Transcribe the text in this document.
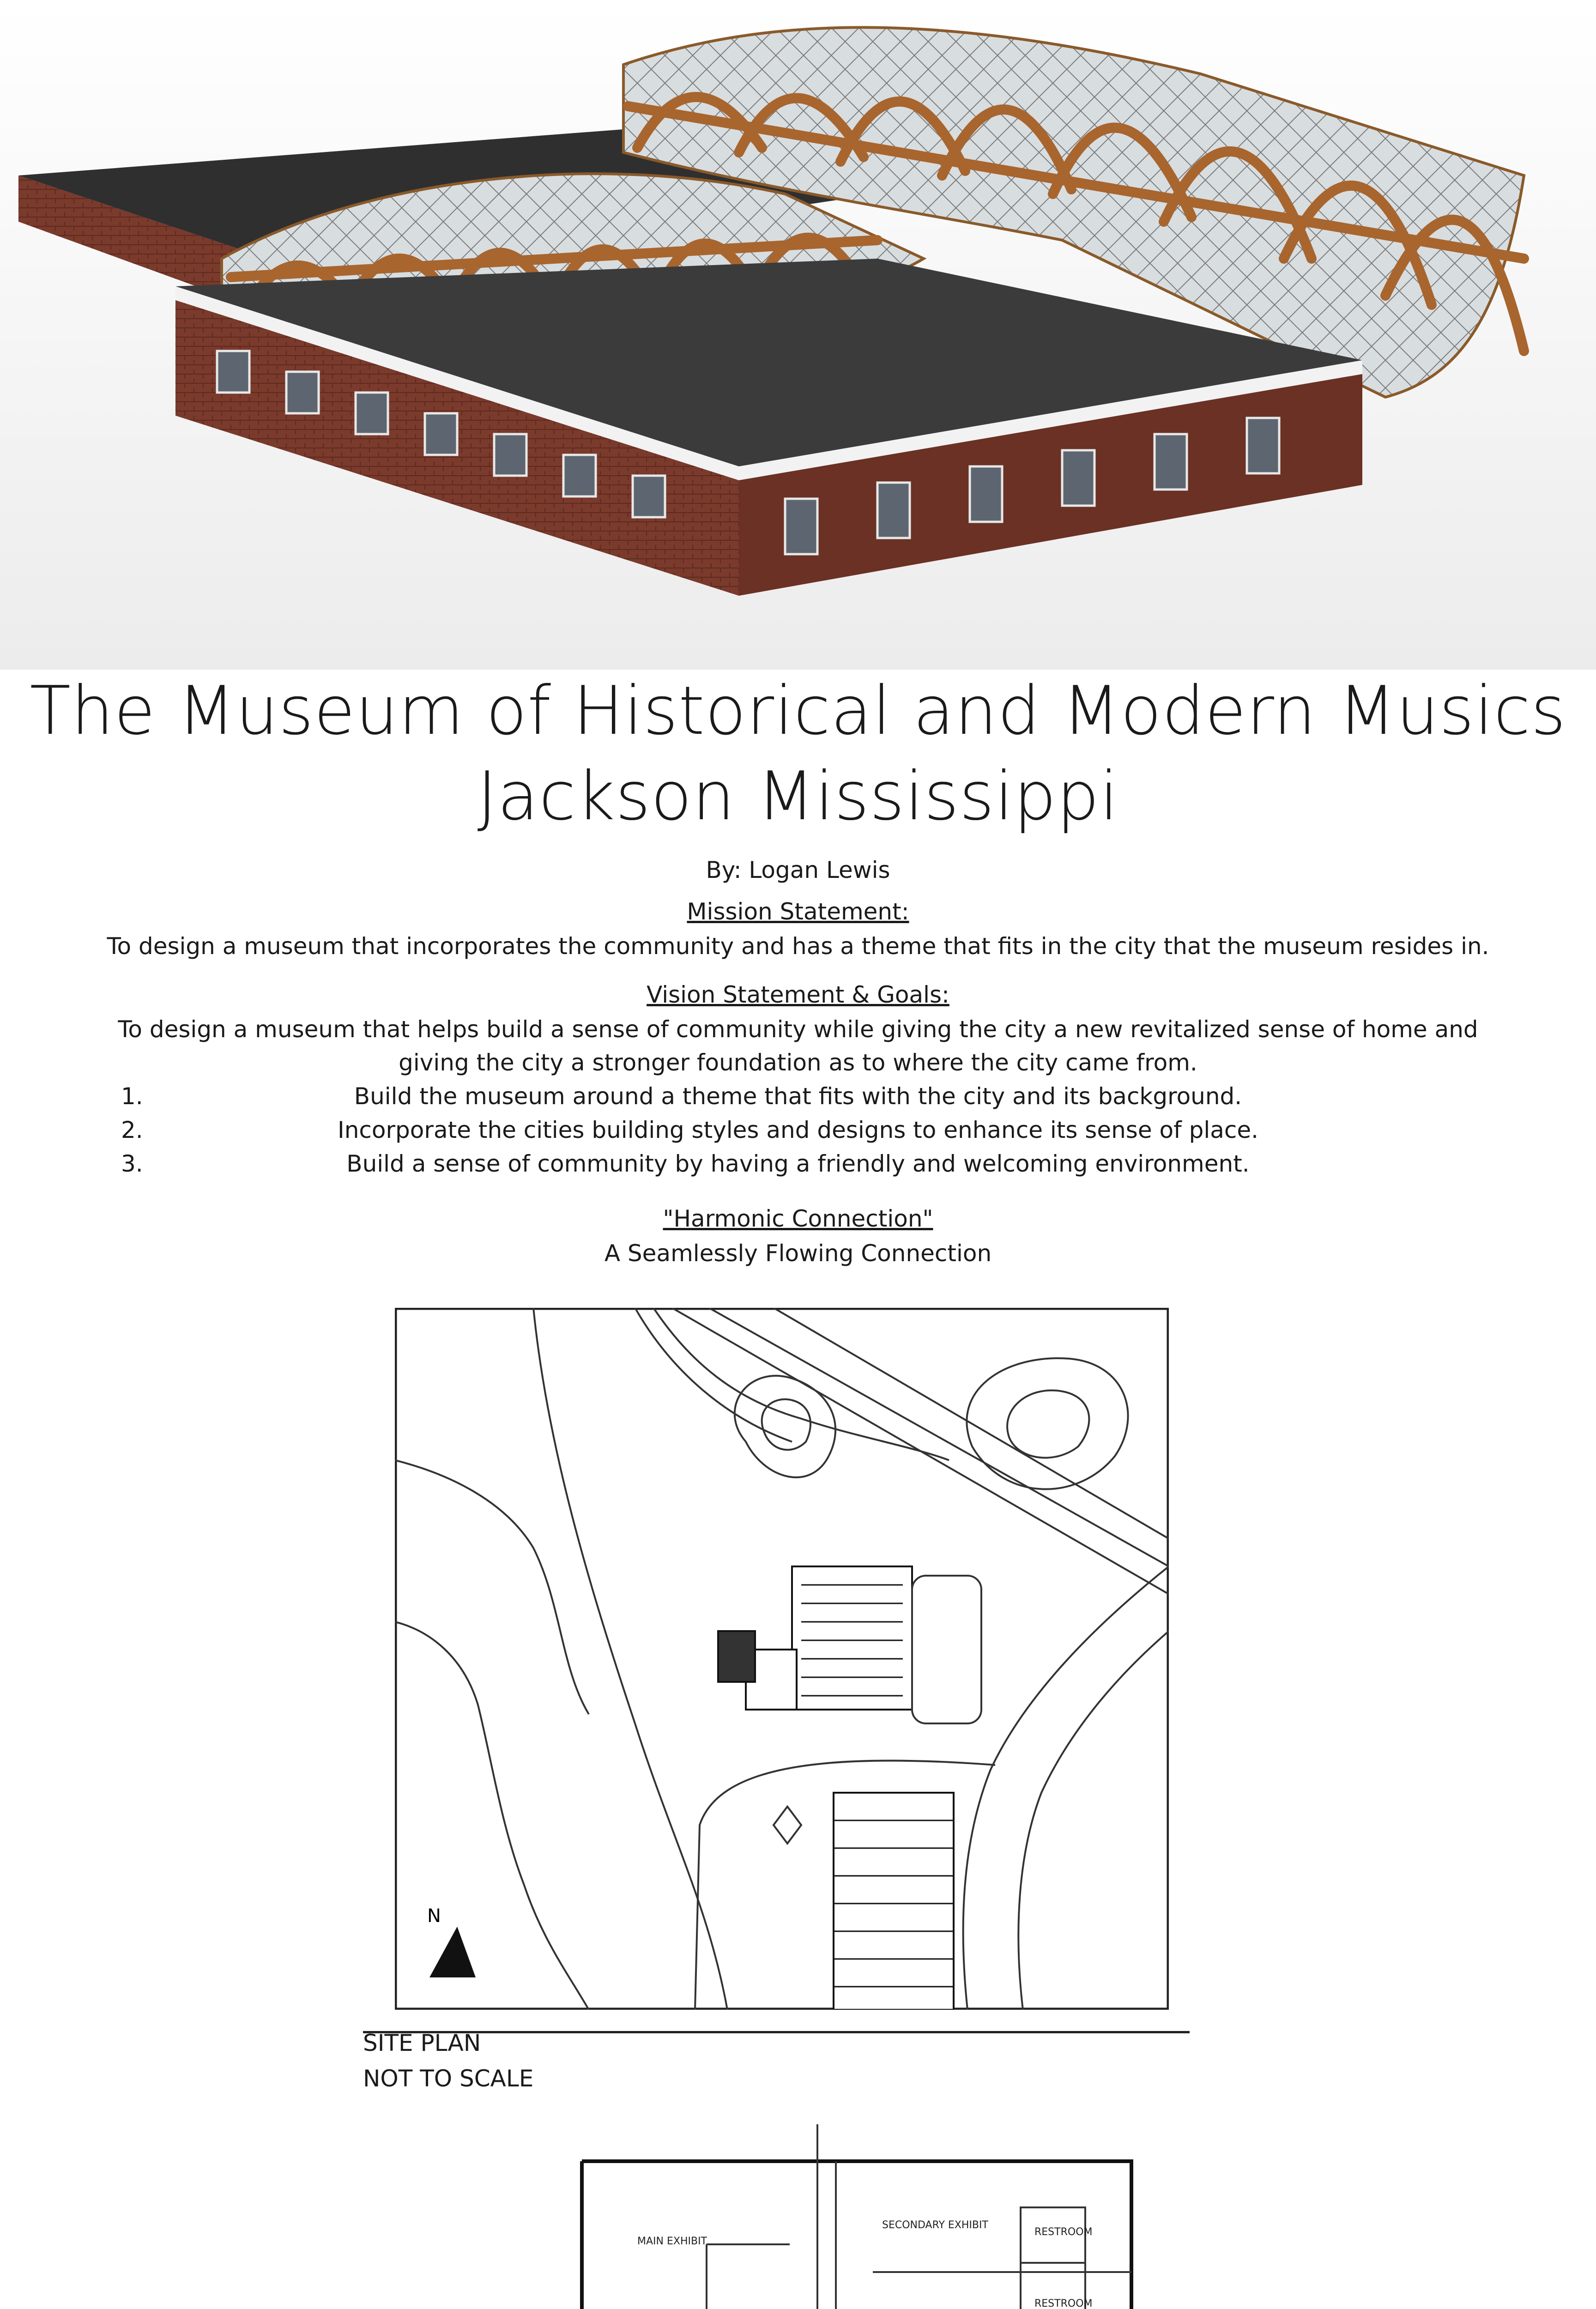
The Museum of Historical and Modern Musics
Jackson Mississippi
By: Logan Lewis
Mission Statement:
To design a museum that incorporates the community and has a theme that fits in the city that the museum resides in.
Vision Statement & Goals:
To design a museum that helps build a sense of community while giving the city a new revitalized sense of home and
giving the city a stronger foundation as to where the city came from.
1.	Build the museum around a theme that fits with the city and its background.
2.	Incorporate the cities building styles and designs to enhance its sense of place.
3.	Build a sense of community by having a friendly and welcoming environment.
"Harmonic Connection"
A Seamlessly Flowing Connection
N
SITE PLAN
NOT TO SCALE
MAIN EXHIBIT
SECONDARY EXHIBIT
RESTROOM
RESTROOM
